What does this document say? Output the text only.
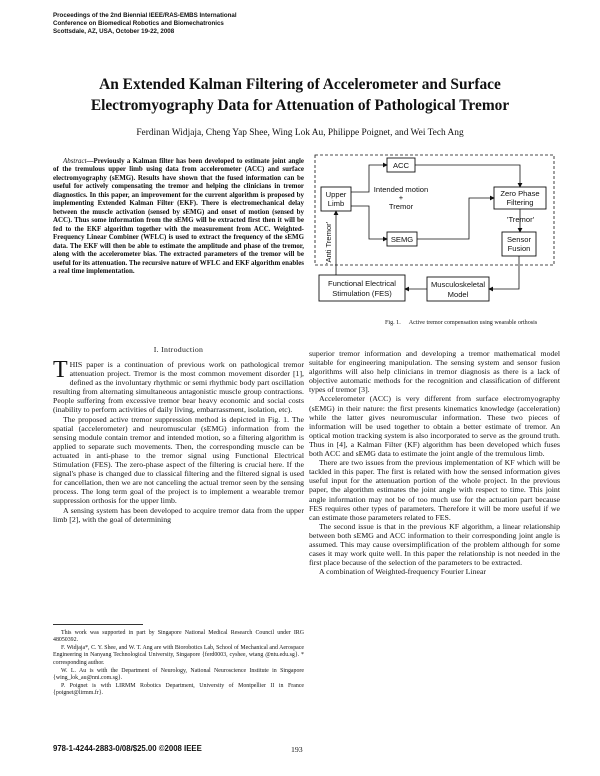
Proceedings of the 2nd Biennial IEEE/RAS-EMBS International
Conference on Biomedical Robotics and Biomechatronics
Scottsdale, AZ, USA, October 19-22, 2008
An Extended Kalman Filtering of Accelerometer and Surface
Electromyography Data for Attenuation of Pathological Tremor
Ferdinan Widjaja, Cheng Yap Shee, Wing Lok Au, Philippe Poignet, and Wei Tech Ang
Abstract—Previously a Kalman filter has been developed to estimate joint angle of the tremulous upper limb using data from accelerometer (ACC) and surface electromyography (sEMG). Results have shown that the fused information can be useful for actively compensating the tremor and helping the clinicians in tremor diagnostics. In this paper, an improvement for the current algorithm is proposed by implementing Extended Kalman Filter (EKF). There is electromechanical delay between the muscle activation (sensed by sEMG) and onset of motion (sensed by ACC). Thus some information from the sEMG will be extracted first then it will be fed to the EKF algorithm together with the measurement from ACC. Weighted-Frequency Linear Combiner (WFLC) is used to extract the frequency of the sEMG data. The EKF will then be able to estimate the amplitude and phase of the tremor, along with the accelerometer bias. The extracted parameters of the tremor will be useful for its attenuation. The recursive nature of WFLC and EKF algorithm enables a real time implementation.
I. Introduction

THIS paper is a continuation of previous work on pathological tremor attenuation project. Tremor is the most common movement disorder [1], defined as the involuntary rhythmic or semi rhythmic body part oscillation resulting from alternating simultaneous antagonistic muscle group contractions. People suffering from excessive tremor bear heavy economic and social costs (inability to perform activities of daily living, embarrassment, isolation, etc).

The proposed active tremor suppression method is depicted in Fig. 1. The spatial (accelerometer) and neuromuscular (sEMG) information from the sensing module contain tremor and intended motion, so a filtering algorithm is applied to separate such movements. Then, the corresponding muscle can be actuated in anti-phase to the tremor signal using Functional Electrical Stimulation (FES). The zero-phase aspect of the filtering is crucial here. If the signal's phase is changed due to classical filtering and the filtered signal is used for cancellation, then we are not canceling the actual tremor seen by the sensing process. The long term goal of the project is to implement a wearable tremor suppression orthosis for the upper limb.

A sensing system has been developed to acquire tremor data from the upper limb [2], with the goal of determining

This work was supported in part by Singapore National Medical Research Council under IRG 48050392.

F. Widjaja*, C. Y. Shee, and W. T. Ang are with Biorobotics Lab, School of Mechanical and Aerospace Engineering in Nanyang Technological University, Singapore {ferd0003, cyshee, wtang @ntu.edu.sg}. * corresponding author.

W. L. Au is with the Department of Neurology, National Neuroscience Institute in Singapore {wing_lok_au@nni.com.sg}.

P. Poignet is with LIRMM Robotics Department, University of Montpellier II in France {poignet@lirmm.fr}.

superior tremor information and developing a tremor mathematical model suitable for engineering manipulation. The sensing system and sensor fusion algorithms will also help clinicians in tremor diagnosis as there is a lack of objective automatic methods for the recognition and classification of different types of tremor [3].

Accelerometer (ACC) is very different from surface electromyography (sEMG) in their nature: the first presents kinematics knowledge (acceleration) while the latter gives neuromuscular information. These two pieces of information will be used together to obtain a better estimate of tremor. An optical motion tracking system is also incorporated to serve as the ground truth. Thus in [4], a Kalman Filter (KF) algorithm has been developed which fuses both ACC and sEMG data to estimate the joint angle of the tremulous limb.

There are two issues from the previous implementation of KF which will be tackled in this paper. The first is related with how the sensed information gives useful input for the attenuation portion of the whole project. In the previous paper, the algorithm estimates the joint angle with respect to time. This joint angle information may not be of too much use for the actuation part because FES requires other types of parameters. Therefore it will be more useful if we can estimate those parameters related to FES.

The second issue is that in the previous KF algorithm, a linear relationship between both sEMG and ACC information to their corresponding joint angle is assumed. This may cause oversimplification of the problem although for some cases it may work quite well. In this paper the relationship is not needed in the first place because of the selection of the parameters to be extracted.

A combination of Weighted-frequency Fourier Linear

ACC
Upper
Limb
Intended motion
+
Tremor
Zero Phase
Filtering
'Tremor'
SEMG	Sensor
Fusion
'Anti Tremor'
Functional Electrical
Stimulation (FES)
Musculoskeletal
Model
Fig. 1. Active tremor compensation using wearable orthosis
978-1-4244-2883-0/08/$25.00 ©2008 IEEE	193
